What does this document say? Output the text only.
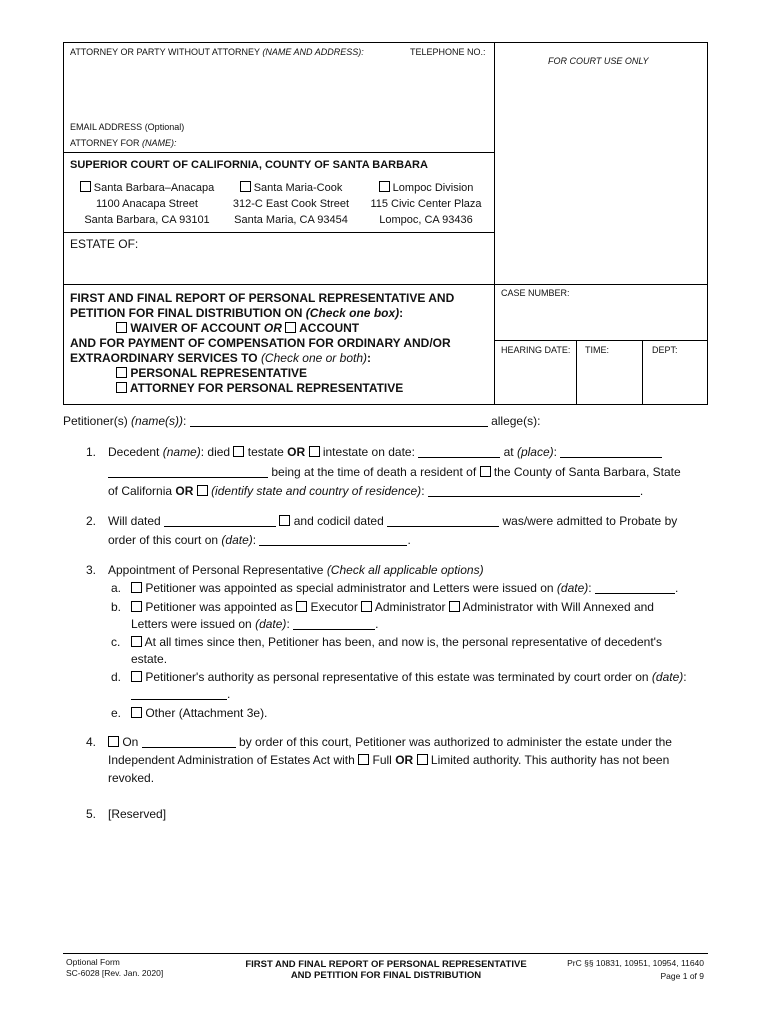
ATTORNEY OR PARTY WITHOUT ATTORNEY (NAME AND ADDRESS):	TELEPHONE NO.:
FOR COURT USE ONLY
EMAIL ADDRESS (Optional)
ATTORNEY FOR (NAME):
SUPERIOR COURT OF CALIFORNIA, COUNTY OF SANTA BARBARA
Santa Barbara–Anacapa
1100 Anacapa Street
Santa Barbara, CA 93101
Santa Maria-Cook
312-C East Cook Street
Santa Maria, CA 93454
Lompoc Division
115 Civic Center Plaza
Lompoc, CA 93436
ESTATE OF:
FIRST AND FINAL REPORT OF PERSONAL REPRESENTATIVE AND
PETITION FOR FINAL DISTRIBUTION ON (Check one box):
WAIVER OF ACCOUNT OR ACCOUNT
AND FOR PAYMENT OF COMPENSATION FOR ORDINARY AND/OR
EXTRAORDINARY SERVICES TO (Check one or both):
PERSONAL REPRESENTATIVE
ATTORNEY FOR PERSONAL REPRESENTATIVE
CASE NUMBER:
HEARING DATE: TIME:	DEPT:
Petitioner(s) (name(s)):	allege(s):
1. Decedent (name): died testate OR intestate on date:	at (place):
being at the time of death a resident of the County of Santa Barbara, State
of California OR (identify state and country of residence):	.
2. Will dated	and codicil dated	was/were admitted to Probate by
order of this court on (date):	.
3. Appointment of Personal Representative (Check all applicable options)
a.	Petitioner was appointed as special administrator and Letters were issued on (date):	.
b.	Petitioner was appointed as Executor Administrator Administrator with Will Annexed and
Letters were issued on (date):	.
c.	At all times since then, Petitioner has been, and now is, the personal representative of decedent's
estate.
d.	Petitioner's authority as personal representative of this estate was terminated by court order on (date):
.
e.	Other (Attachment 3e).
4.	On	by order of this court, Petitioner was authorized to administer the estate under the
Independent Administration of Estates Act with Full OR Limited authority. This authority has not been
revoked.
5. [Reserved]
Optional Form
SC-6028 [Rev. Jan. 2020]
FIRST AND FINAL REPORT OF PERSONAL REPRESENTATIVE
AND PETITION FOR FINAL DISTRIBUTION
PrC §§ 10831, 10951, 10954, 11640
Page 1 of 9
